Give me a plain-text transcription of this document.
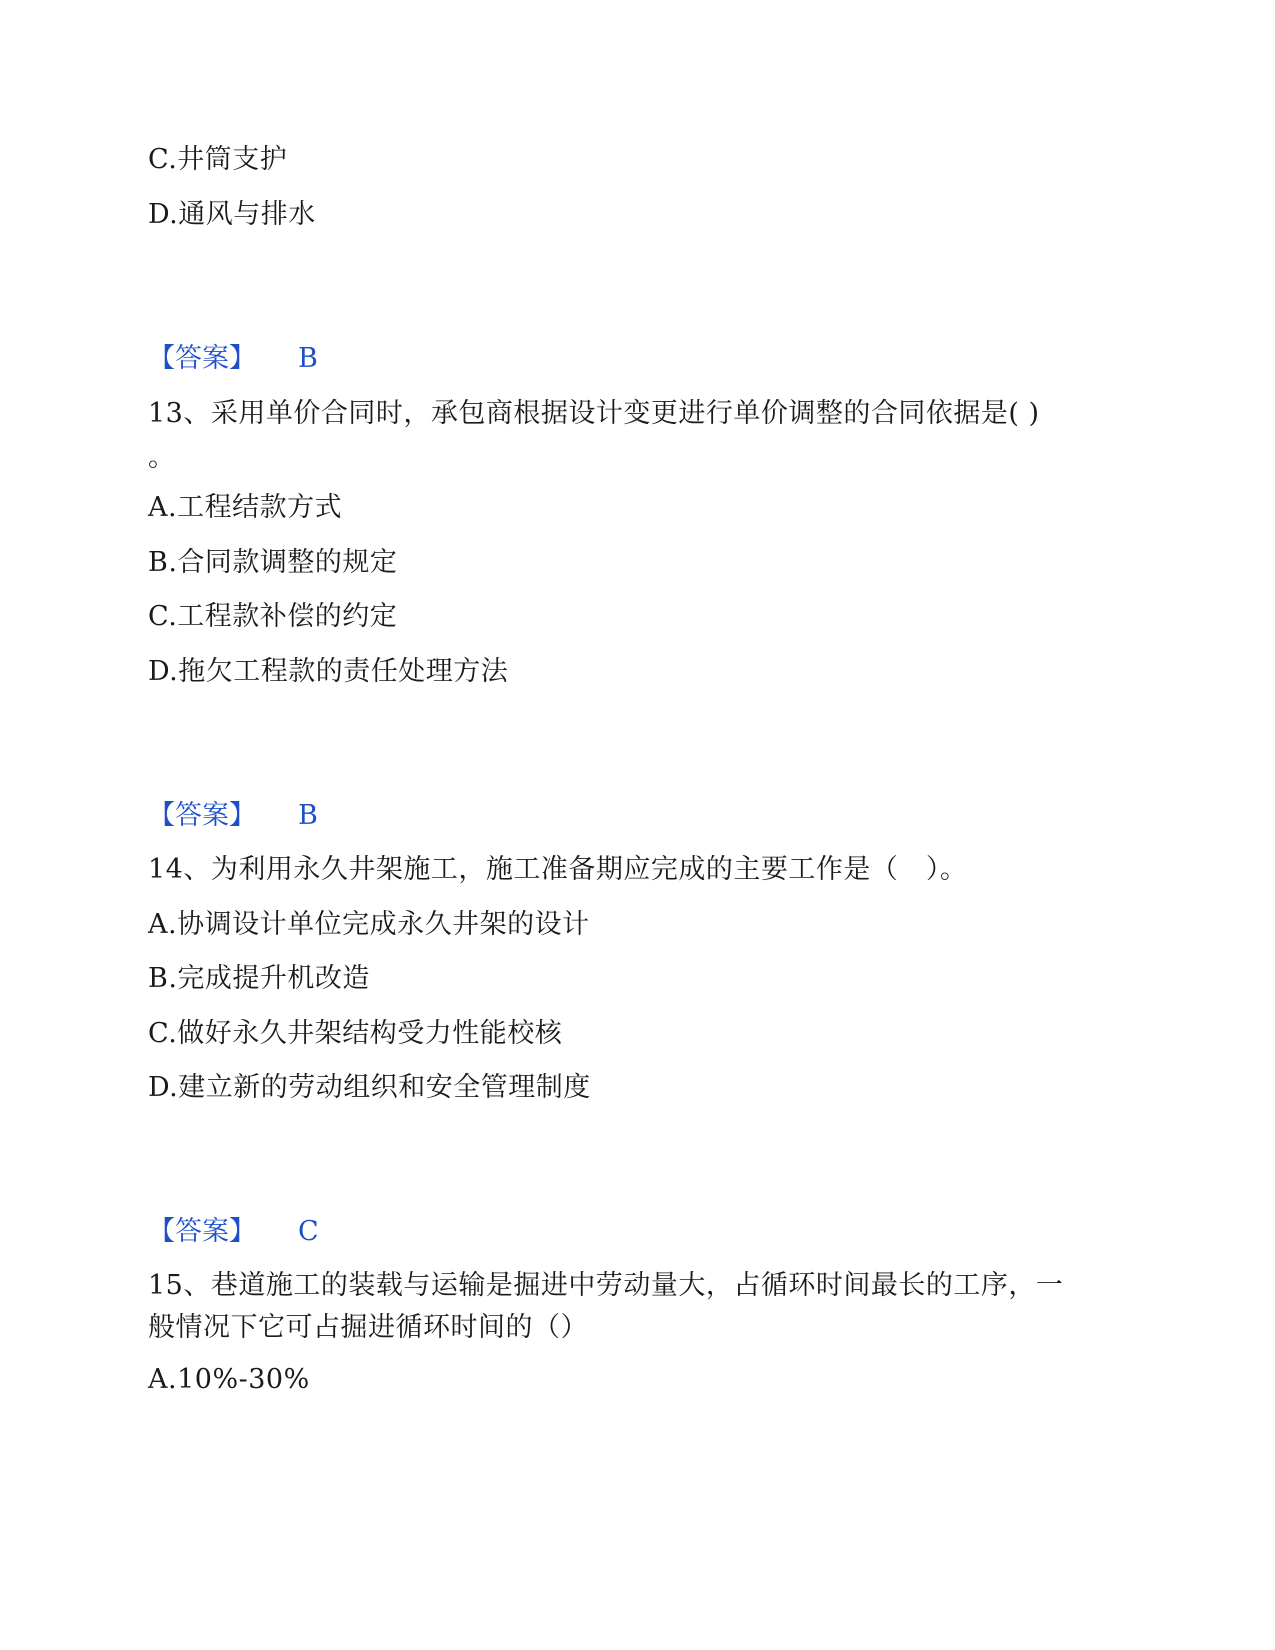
C.井筒支护
D.通风与排水
【答案】 B
13、采用单价合同时，承包商根据设计变更进行单价调整的合同依据是( )
。
A.工程结款方式
B.合同款调整的规定
C.工程款补偿的约定
D.拖欠工程款的责任处理方法
【答案】 B
14、为利用永久井架施工，施工准备期应完成的主要工作是（　）。
A.协调设计单位完成永久井架的设计
B.完成提升机改造
C.做好永久井架结构受力性能校核
D.建立新的劳动组织和安全管理制度
【答案】 C
15、巷道施工的装载与运输是掘进中劳动量大，占循环时间最长的工序，一
般情况下它可占掘进循环时间的（）
A.10%-30%
